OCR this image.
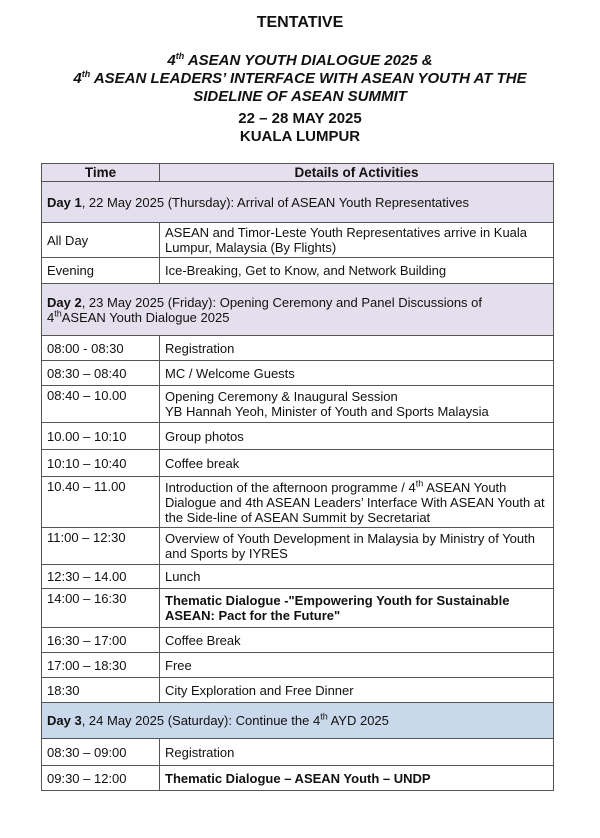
TENTATIVE
4th ASEAN YOUTH DIALOGUE 2025 &
4th ASEAN LEADERS’ INTERFACE WITH ASEAN YOUTH AT THE
SIDELINE OF ASEAN SUMMIT
22 – 28 MAY 2025
KUALA LUMPUR
Time	Details of Activities
Day 1, 22 May 2025 (Thursday): Arrival of ASEAN Youth Representatives	
All Day	ASEAN and Timor-Leste Youth Representatives arrive in Kuala Lumpur, Malaysia (By Flights)
Evening	Ice-Breaking, Get to Know, and Network Building
Day 2, 23 May 2025 (Friday): Opening Ceremony and Panel Discussions of
4thASEAN Youth Dialogue 2025	
08:00 - 08:30	Registration
08:30 – 08:40	MC / Welcome Guests
08:40 – 10.00	Opening Ceremony & Inaugural Session
YB Hannah Yeoh, Minister of Youth and Sports Malaysia

10.00 – 10:10	Group photos
10:10 – 10:40	Coffee break
10.40 – 11.00	Introduction of the afternoon programme / 4th ASEAN Youth Dialogue and 4th ASEAN Leaders’ Interface With ASEAN Youth at the Side-line of ASEAN Summit by Secretariat
11:00 – 12:30	Overview of Youth Development in Malaysia by Ministry of Youth and Sports by IYRES
12:30 – 14.00	Lunch
14:00 – 16:30	Thematic Dialogue -"Empowering Youth for Sustainable ASEAN: Pact for the Future"
16:30 – 17:00	Coffee Break
17:00 – 18:30	Free
18:30	City Exploration and Free Dinner
Day 3, 24 May 2025 (Saturday): Continue the 4th AYD 2025	
08:30 – 09:00	Registration
09:30 – 12:00	Thematic Dialogue – ASEAN Youth – UNDP
